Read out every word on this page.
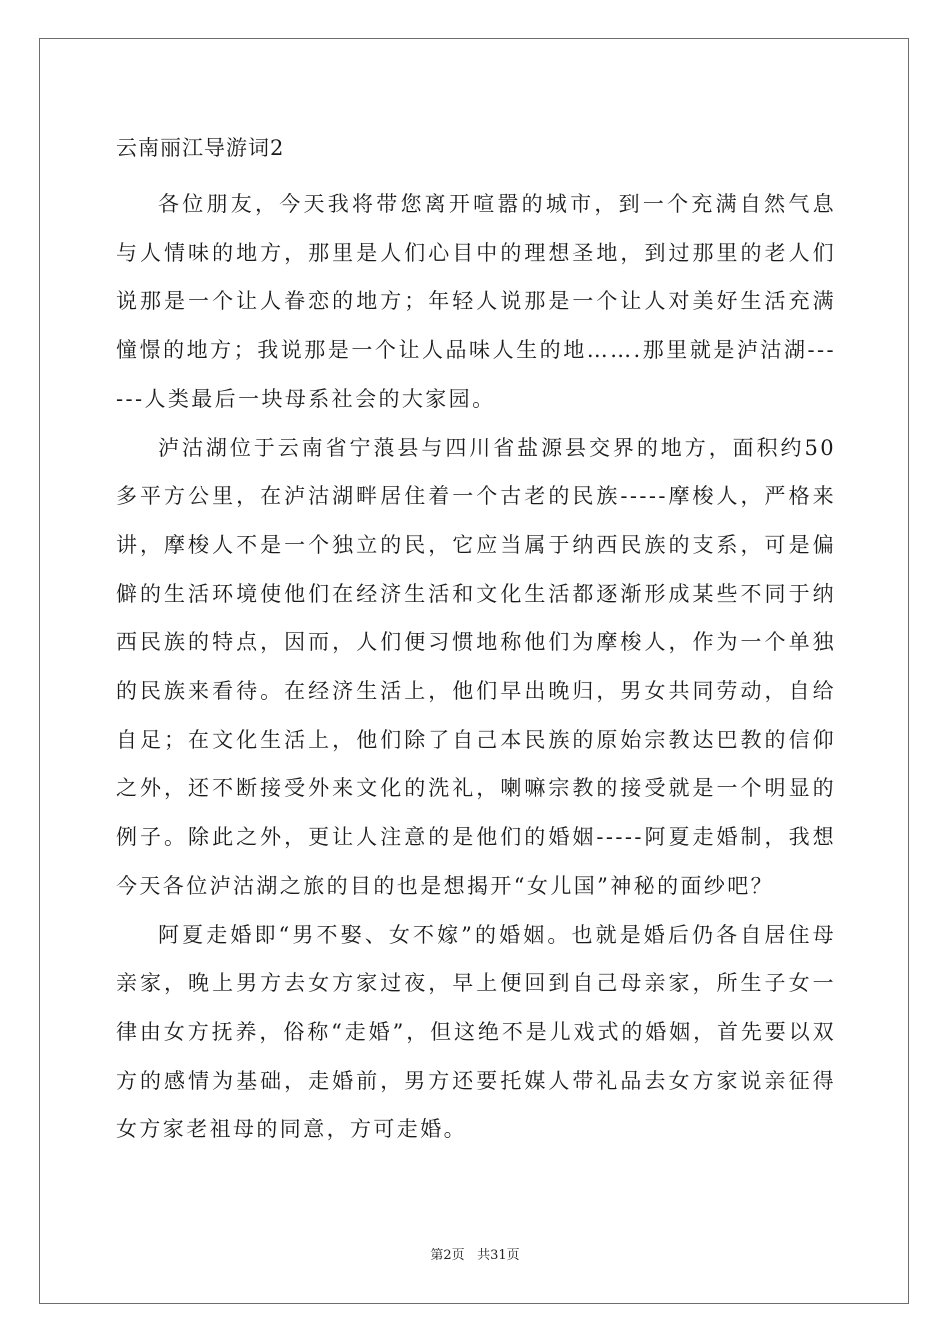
云南丽江导游词2

各位朋友，今天我将带您离开喧嚣的城市，到一个充满自然气息与人情味的地方，那里是人们心目中的理想圣地，到过那里的老人们说那是一个让人眷恋的地方；年轻人说那是一个让人对美好生活充满憧憬的地方；我说那是一个让人品味人生的地…….那里就是泸沽湖------人类最后一块母系社会的大家园。

泸沽湖位于云南省宁蒗县与四川省盐源县交界的地方，面积约50多平方公里，在泸沽湖畔居住着一个古老的民族-----摩梭人，严格来讲，摩梭人不是一个独立的民，它应当属于纳西民族的支系，可是偏僻的生活环境使他们在经济生活和文化生活都逐渐形成某些不同于纳西民族的特点，因而，人们便习惯地称他们为摩梭人，作为一个单独的民族来看待。在经济生活上，他们早出晚归，男女共同劳动，自给自足；在文化生活上，他们除了自己本民族的原始宗教达巴教的信仰之外，还不断接受外来文化的洗礼，喇嘛宗教的接受就是一个明显的例子。除此之外，更让人注意的是他们的婚姻-----阿夏走婚制，我想今天各位泸沽湖之旅的目的也是想揭开“女儿国”神秘的面纱吧？

阿夏走婚即“男不娶、女不嫁”的婚姻。也就是婚后仍各自居住母亲家，晚上男方去女方家过夜，早上便回到自己母亲家，所生子女一律由女方抚养，俗称“走婚”，但这绝不是儿戏式的婚姻，首先要以双方的感情为基础，走婚前，男方还要托媒人带礼品去女方家说亲征得女方家老祖母的同意，方可走婚。

第2页 共31页
